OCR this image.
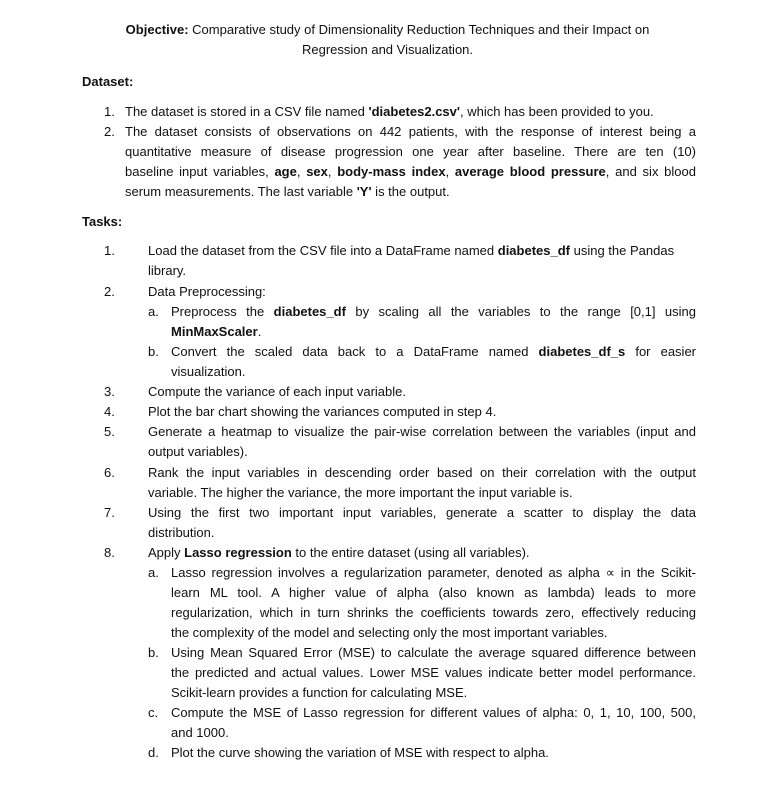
Objective: Comparative study of Dimensionality Reduction Techniques and their Impact on
Regression and Visualization.
Dataset:
1. The dataset is stored in a CSV file named 'diabetes2.csv', which has been provided to you.
2. The dataset consists of observations on 442 patients, with the response of interest being a
quantitative measure of disease progression one year after baseline. There are ten (10)
baseline input variables, age, sex, body-mass index, average blood pressure, and six blood
serum measurements. The last variable 'Y' is the output.
Tasks:
1.	Load the dataset from the CSV file into a DataFrame named diabetes_df using the Pandas
library.
2.	Data Preprocessing:
a. Preprocess the diabetes_df by scaling all the variables to the range [0,1] using
MinMaxScaler.
b. Convert the scaled data back to a DataFrame named diabetes_df_s for easier
visualization.
3.	Compute the variance of each input variable.
4.	Plot the bar chart showing the variances computed in step 4.
5.	Generate a heatmap to visualize the pair-wise correlation between the variables (input and
output variables).
6.	Rank the input variables in descending order based on their correlation with the output
variable. The higher the variance, the more important the input variable is.
7.	Using the first two important input variables, generate a scatter to display the data
distribution.
8.	Apply Lasso regression to the entire dataset (using all variables).
a. Lasso regression involves a regularization parameter, denoted as alpha ∝ in the Scikit-
learn ML tool. A higher value of alpha (also known as lambda) leads to more
regularization, which in turn shrinks the coefficients towards zero, effectively reducing
the complexity of the model and selecting only the most important variables.
b. Using Mean Squared Error (MSE) to calculate the average squared difference between
the predicted and actual values. Lower MSE values indicate better model performance.
Scikit-learn provides a function for calculating MSE.
c. Compute the MSE of Lasso regression for different values of alpha: 0, 1, 10, 100, 500,
and 1000.
d. Plot the curve showing the variation of MSE with respect to alpha.
